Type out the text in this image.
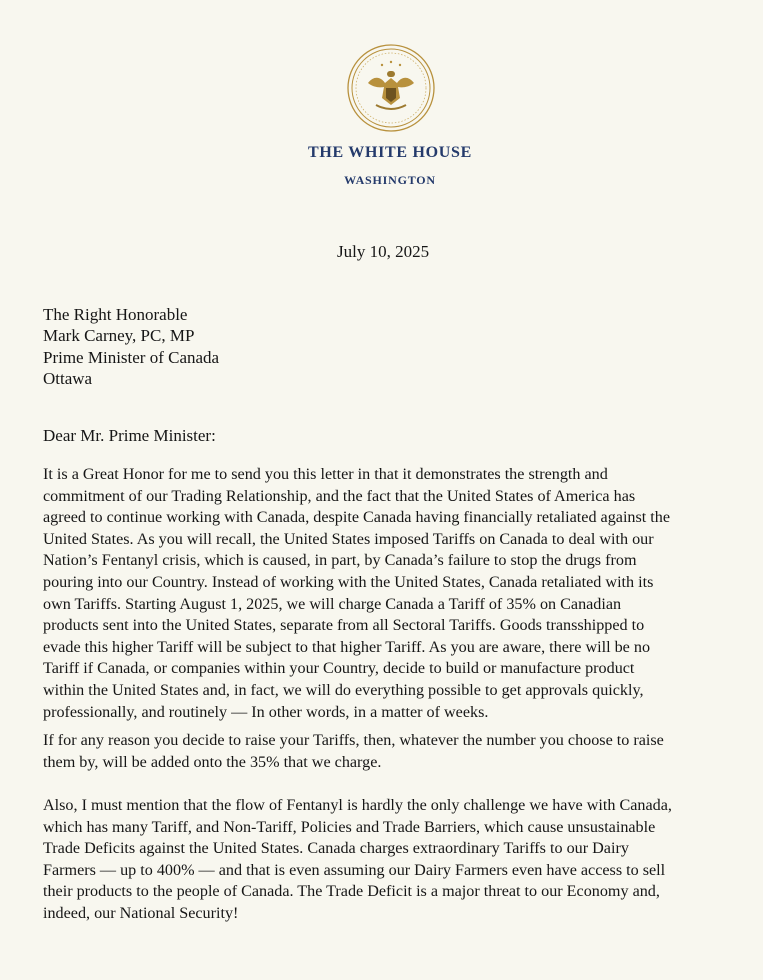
THE WHITE HOUSE
WASHINGTON
July 10, 2025
The Right Honorable
Mark Carney, PC, MP
Prime Minister of Canada
Ottawa
Dear Mr. Prime Minister:
It is a Great Honor for me to send you this letter in that it demonstrates the strength and
commitment of our Trading Relationship, and the fact that the United States of America has
agreed to continue working with Canada, despite Canada having financially retaliated against the
United States. As you will recall, the United States imposed Tariffs on Canada to deal with our
Nation’s Fentanyl crisis, which is caused, in part, by Canada’s failure to stop the drugs from
pouring into our Country. Instead of working with the United States, Canada retaliated with its
own Tariffs. Starting August 1, 2025, we will charge Canada a Tariff of 35% on Canadian
products sent into the United States, separate from all Sectoral Tariffs. Goods transshipped to
evade this higher Tariff will be subject to that higher Tariff. As you are aware, there will be no
Tariff if Canada, or companies within your Country, decide to build or manufacture product
within the United States and, in fact, we will do everything possible to get approvals quickly,
professionally, and routinely — In other words, in a matter of weeks.
If for any reason you decide to raise your Tariffs, then, whatever the number you choose to raise
them by, will be added onto the 35% that we charge.
Also, I must mention that the flow of Fentanyl is hardly the only challenge we have with Canada,
which has many Tariff, and Non-Tariff, Policies and Trade Barriers, which cause unsustainable
Trade Deficits against the United States. Canada charges extraordinary Tariffs to our Dairy
Farmers — up to 400% — and that is even assuming our Dairy Farmers even have access to sell
their products to the people of Canada. The Trade Deficit is a major threat to our Economy and,
indeed, our National Security!
